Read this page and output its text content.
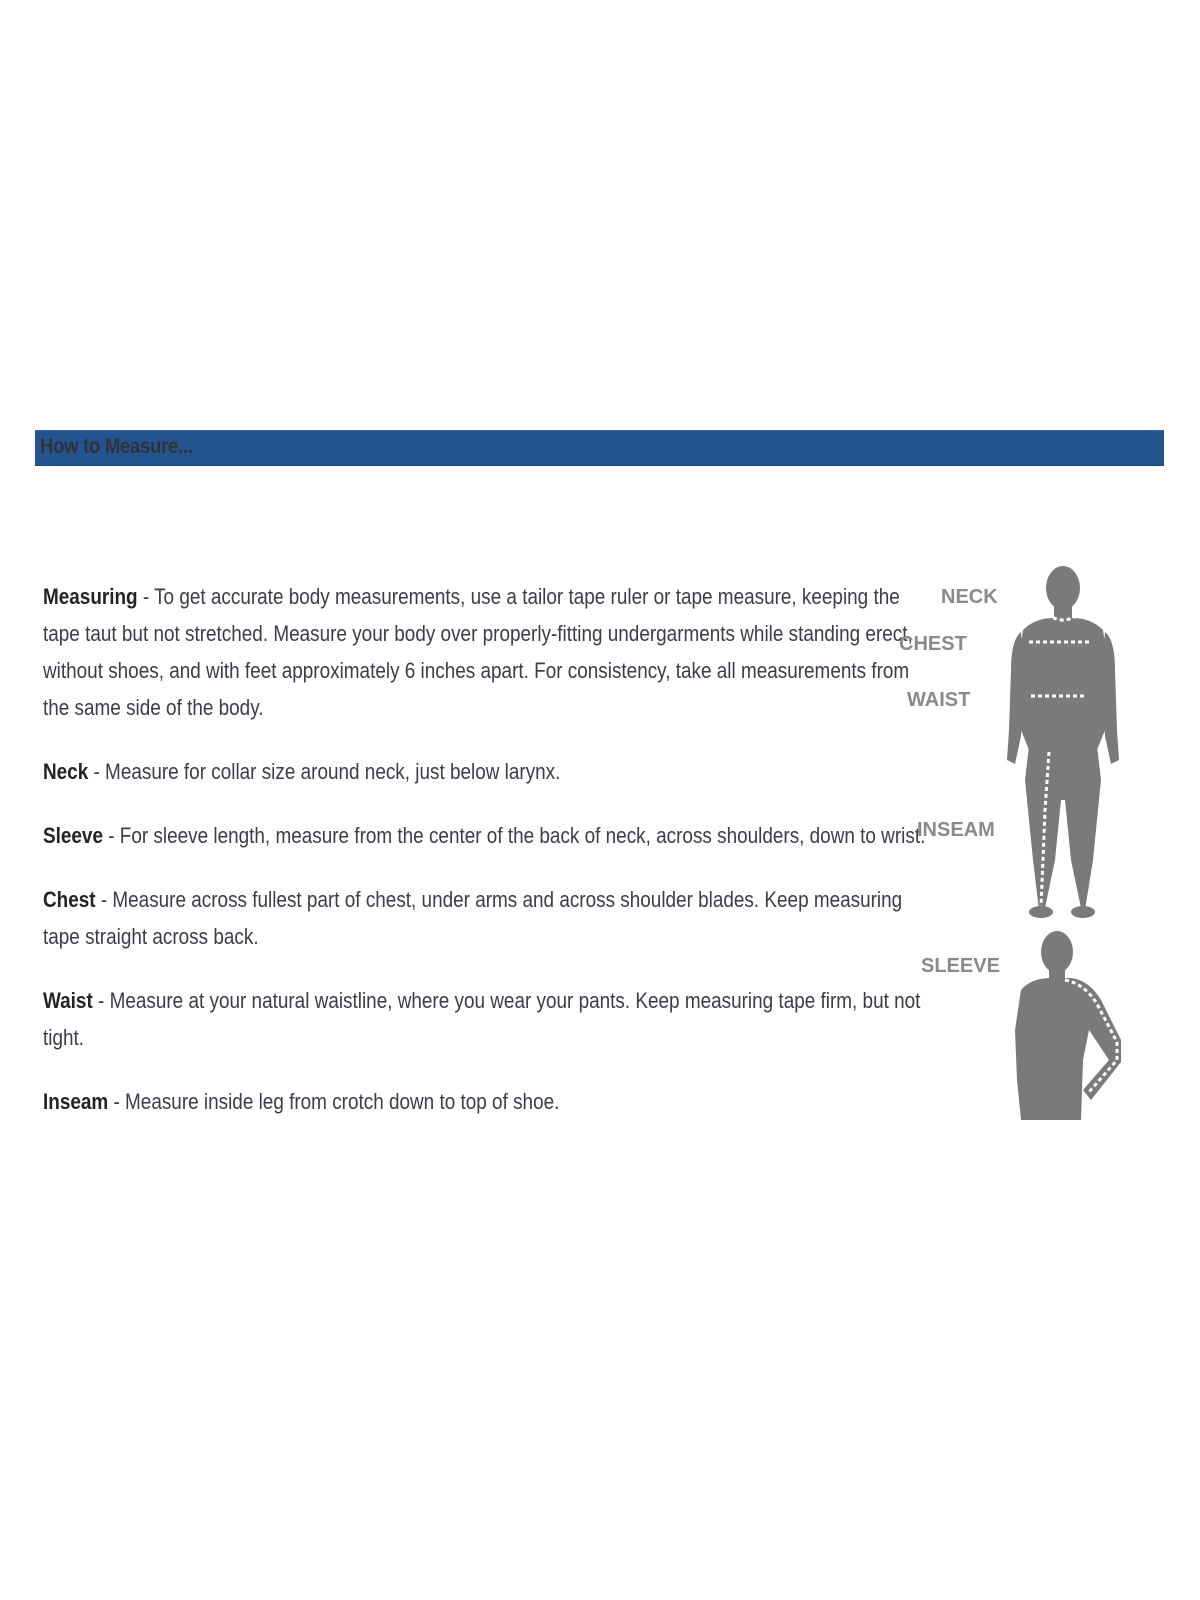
How to Measure...

Measuring - To get accurate body measurements, use a tailor tape ruler or tape measure, keeping the tape taut but not stretched. Measure your body over properly-fitting undergarments while standing erect, without shoes, and with feet approximately 6 inches apart. For consistency, take all measurements from the same side of the body.

Neck - Measure for collar size around neck, just below larynx.

Sleeve - For sleeve length, measure from the center of the back of neck, across shoulders, down to wrist.

Chest - Measure across fullest part of chest, under arms and across shoulder blades. Keep measuring tape straight across back.

Waist - Measure at your natural waistline, where you wear your pants. Keep measuring tape firm, but not tight.

Inseam - Measure inside leg from crotch down to top of shoe.

NECK
CHEST
WAIST
INSEAM
SLEEVE
